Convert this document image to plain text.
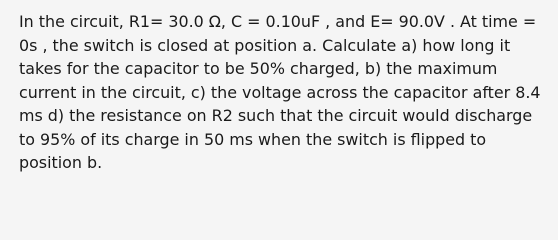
In the circuit, R1= 30.0 Ω, C = 0.10uF , and E= 90.0V . At time =
0s , the switch is closed at position a. Calculate a) how long it
takes for the capacitor to be 50% charged, b) the maximum
current in the circuit, c) the voltage across the capacitor after 8.4
ms d) the resistance on R2 such that the circuit would discharge
to 95% of its charge in 50 ms when the switch is flipped to
position b.
